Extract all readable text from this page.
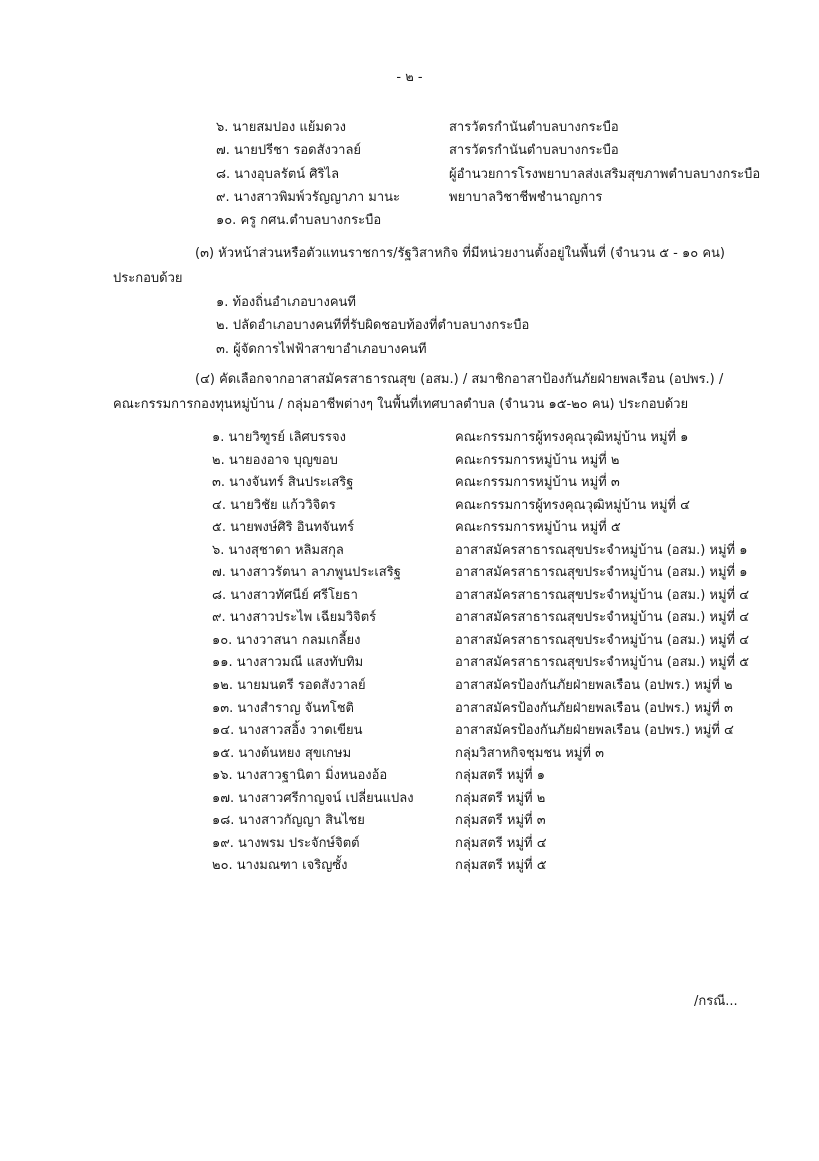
- ๒ -
๖. นายสมปอง แย้มดวง	สารวัตรกำนันตำบลบางกระบือ
๗. นายปรีชา รอดสังวาลย์	สารวัตรกำนันตำบลบางกระบือ
๘. นางอุบลรัตน์ ศิริไล	ผู้อำนวยการโรงพยาบาลส่งเสริมสุขภาพตำบลบางกระบือ
๙. นางสาวพิมพ์วรัญญาภา มานะ	พยาบาลวิชาชีพชำนาญการ
๑๐. ครู กศน.ตำบลบางกระบือ
(๓) หัวหน้าส่วนหรือตัวแทนราชการ/รัฐวิสาหกิจ ที่มีหน่วยงานตั้งอยู่ในพื้นที่ (จำนวน ๕ - ๑๐ คน)
ประกอบด้วย
๑. ท้องถิ่นอำเภอบางคนที
๒. ปลัดอำเภอบางคนทีที่รับผิดชอบท้องที่ตำบลบางกระบือ
๓. ผู้จัดการไฟฟ้าสาขาอำเภอบางคนที
(๔) คัดเลือกจากอาสาสมัครสาธารณสุข (อสม.) / สมาชิกอาสาป้องกันภัยฝ่ายพลเรือน (อปพร.) /
คณะกรรมการกองทุนหมู่บ้าน / กลุ่มอาชีพต่างๆ ในพื้นที่เทศบาลตำบล (จำนวน ๑๕-๒๐ คน) ประกอบด้วย
๑. นายวิฑูรย์ เลิศบรรจง	คณะกรรมการผู้ทรงคุณวุฒิหมู่บ้าน หมู่ที่ ๑
๒. นายองอาจ บุญขอบ	คณะกรรมการหมู่บ้าน หมู่ที่ ๒
๓. นางจันทร์ สินประเสริฐ	คณะกรรมการหมู่บ้าน หมู่ที่ ๓
๔. นายวิชัย แก้ววิจิตร	คณะกรรมการผู้ทรงคุณวุฒิหมู่บ้าน หมู่ที่ ๔
๕. นายพงษ์ศิริ อินทจันทร์	คณะกรรมการหมู่บ้าน หมู่ที่ ๕
๖. นางสุชาดา หลิมสกุล	อาสาสมัครสาธารณสุขประจำหมู่บ้าน (อสม.) หมู่ที่ ๑
๗. นางสาวรัตนา ลาภพูนประเสริฐ	อาสาสมัครสาธารณสุขประจำหมู่บ้าน (อสม.) หมู่ที่ ๑
๘. นางสาวทัศนีย์ ศรีโยธา	อาสาสมัครสาธารณสุขประจำหมู่บ้าน (อสม.) หมู่ที่ ๔
๙. นางสาวประไพ เฉียมวิจิตร์	อาสาสมัครสาธารณสุขประจำหมู่บ้าน (อสม.) หมู่ที่ ๔
๑๐. นางวาสนา กลมเกลี้ยง	อาสาสมัครสาธารณสุขประจำหมู่บ้าน (อสม.) หมู่ที่ ๔
๑๑. นางสาวมณี แสงทับทิม	อาสาสมัครสาธารณสุขประจำหมู่บ้าน (อสม.) หมู่ที่ ๕
๑๒. นายมนตรี รอดสังวาลย์	อาสาสมัครป้องกันภัยฝ่ายพลเรือน (อปพร.) หมู่ที่ ๒
๑๓. นางสำราญ จันทโชติ	อาสาสมัครป้องกันภัยฝ่ายพลเรือน (อปพร.) หมู่ที่ ๓
๑๔. นางสาวสอิ้ง วาดเขียน	อาสาสมัครป้องกันภัยฝ่ายพลเรือน (อปพร.) หมู่ที่ ๔
๑๕. นางต้นหยง สุขเกษม	กลุ่มวิสาหกิจชุมชน หมู่ที่ ๓
๑๖. นางสาวฐานิตา มิ่งหนองอ้อ	กลุ่มสตรี หมู่ที่ ๑
๑๗. นางสาวศรีกาญจน์ เปลี่ยนแปลง	กลุ่มสตรี หมู่ที่ ๒
๑๘. นางสาวกัญญา สินไชย	กลุ่มสตรี หมู่ที่ ๓
๑๙. นางพรม ประจักษ์จิตต์	กลุ่มสตรี หมู่ที่ ๔
๒๐. นางมณฑา เจริญซั้ง	กลุ่มสตรี หมู่ที่ ๕
/กรณี...
